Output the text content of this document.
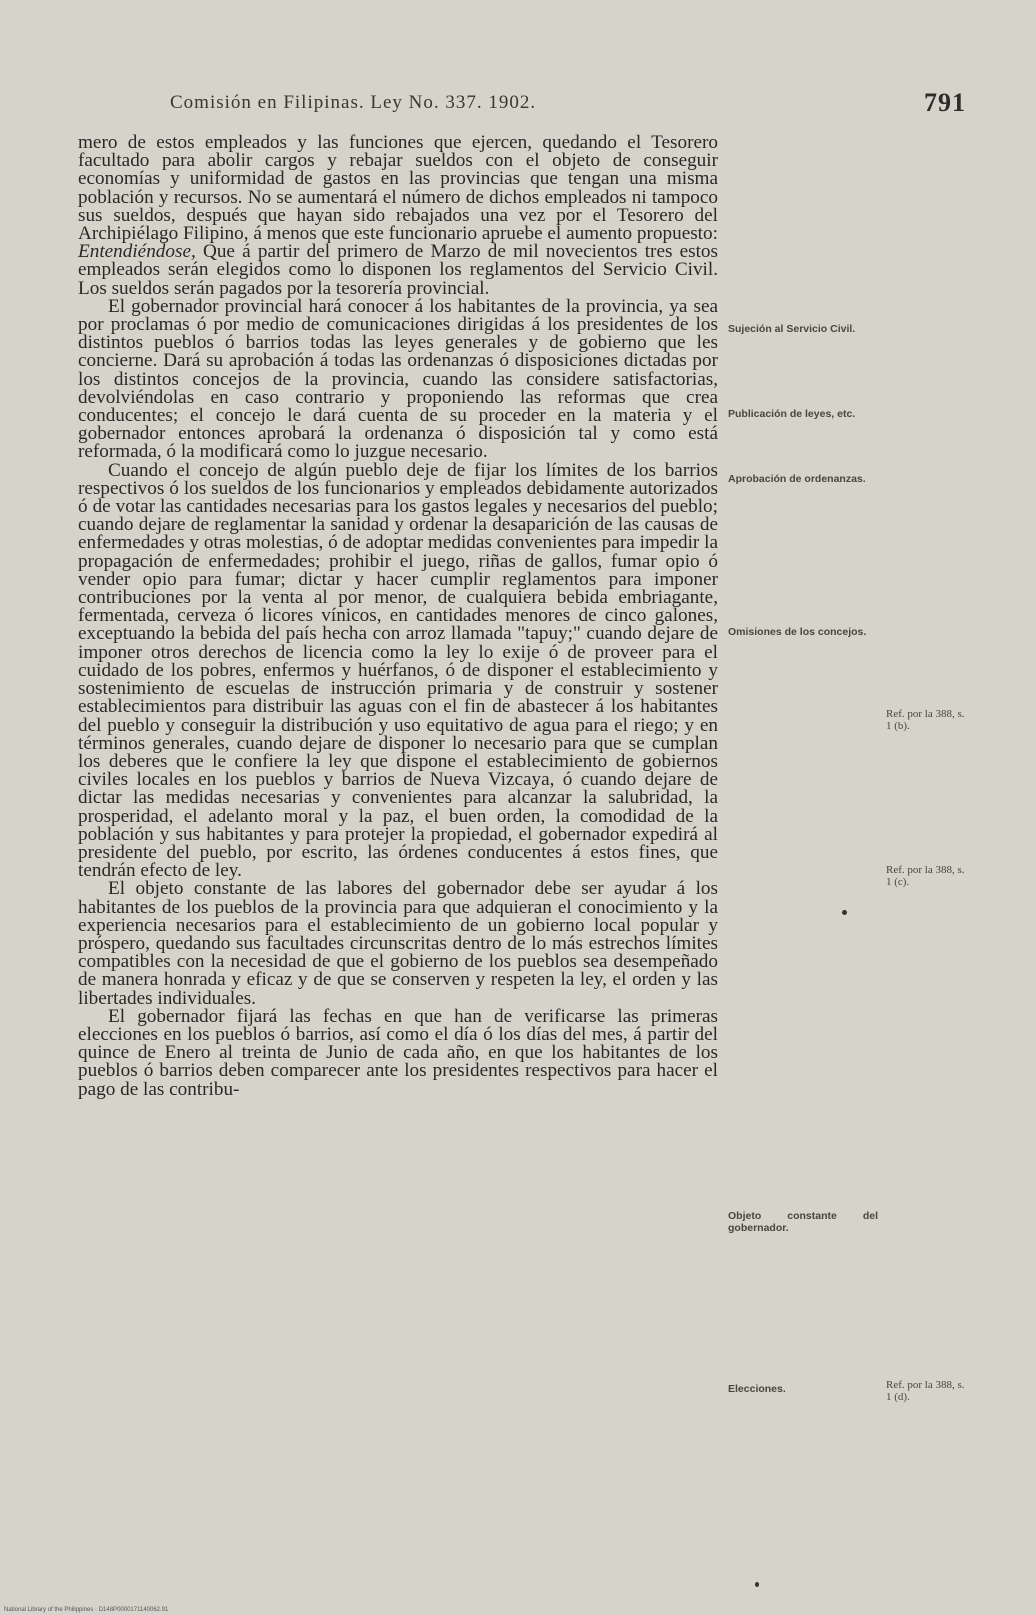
Comisión en Filipinas. Ley No. 337. 1902.	791

mero de estos empleados y las funciones que ejercen, quedando el Tesorero facultado para abolir cargos y rebajar sueldos con el objeto de conseguir economías y uniformidad de gastos en las provincias que tengan una misma población y recursos. No se aumentará el número de dichos empleados ni tampoco sus sueldos, después que hayan sido rebajados una vez por el Tesorero del Archipiélago Filipino, á menos que este funcionario apruebe el aumento propuesto:

Entendiéndose, Que á partir del primero de Marzo de mil novecientos tres estos empleados serán elegidos como lo disponen los reglamentos del Servicio Civil. Los sueldos serán pagados por la tesorería provincial.

El gobernador provincial hará conocer á los habitantes de la provincia, ya sea por proclamas ó por medio de comunicaciones dirigidas á los presidentes de los distintos pueblos ó barrios todas las leyes generales y de gobierno que les concierne. Dará su aprobación á todas las ordenanzas ó disposiciones dictadas por los distintos concejos de la provincia, cuando las considere satisfactorias, devolviéndolas en caso contrario y proponiendo las reformas que crea conducentes; el concejo le dará cuenta de su proceder en la materia y el gobernador entonces aprobará la ordenanza ó disposición tal y como está reformada, ó la modificará como lo juzgue necesario.

Cuando el concejo de algún pueblo deje de fijar los límites de los barrios respectivos ó los sueldos de los funcionarios y empleados debidamente autorizados ó de votar las cantidades necesarias para los gastos legales y necesarios del pueblo; cuando dejare de reglamentar la sanidad y ordenar la desaparición de las causas de enfermedades y otras molestias, ó de adoptar medidas convenientes para impedir la propagación de enfermedades; prohibir el juego, riñas de gallos, fumar opio ó vender opio para fumar; dictar y hacer cumplir reglamentos para imponer contribuciones por la venta al por menor, de cualquiera bebida embriagante, fermentada, cerveza ó licores vínicos, en cantidades menores de cinco galones, exceptuando la bebida del país hecha con arroz llamada "tapuy;" cuando dejare de imponer otros derechos de licencia como la ley lo exije ó de proveer para el cuidado de los pobres, enfermos y huérfanos, ó de disponer el establecimiento y sostenimiento de escuelas de instrucción primaria y de construir y sostener establecimientos para distribuir las aguas con el fin de abastecer á los habitantes del pueblo y conseguir la distribución y uso equitativo de agua para el riego; y en términos generales, cuando dejare de disponer lo necesario para que se cumplan los deberes que le confiere la ley que dispone el establecimiento de gobiernos civiles locales en los pueblos y barrios de Nueva Vizcaya, ó cuando dejare de dictar las medidas necesarias y convenientes para alcanzar la salubridad, la prosperidad, el adelanto moral y la paz, el buen orden, la comodidad de la población y sus habitantes y para protejer la propiedad, el gobernador expedirá al presidente del pueblo, por escrito, las órdenes conducentes á estos fines, que tendrán efecto de ley.

El objeto constante de las labores del gobernador debe ser ayudar á los habitantes de los pueblos de la provincia para que adquieran el conocimiento y la experiencia necesarios para el establecimiento de un gobierno local popular y próspero, quedando sus facultades circunscritas dentro de lo más estrechos límites compatibles con la necesidad de que el gobierno de los pueblos sea desempeñado de manera honrada y eficaz y de que se conserven y respeten la ley, el orden y las libertades individuales.

El gobernador fijará las fechas en que han de verificarse las primeras elecciones en los pueblos ó barrios, así como el día ó los días del mes, á partir del quince de Enero al treinta de Junio de cada año, en que los habitantes de los pueblos ó barrios deben comparecer ante los presidentes respectivos para hacer el pago de las contribu-

Sujeción al Servicio Civil.
Publicación de leyes, etc.
Aprobación de ordenanzas.
Omisiones de los concejos.
Objeto constante del gobernador.
Elecciones.
Ref. por la 388, s. 1 (b).
Ref. por la 388, s. 1 (c).
Ref. por la 388, s. 1 (d).
National Library of the Philippines · D148P0000171140062.91
